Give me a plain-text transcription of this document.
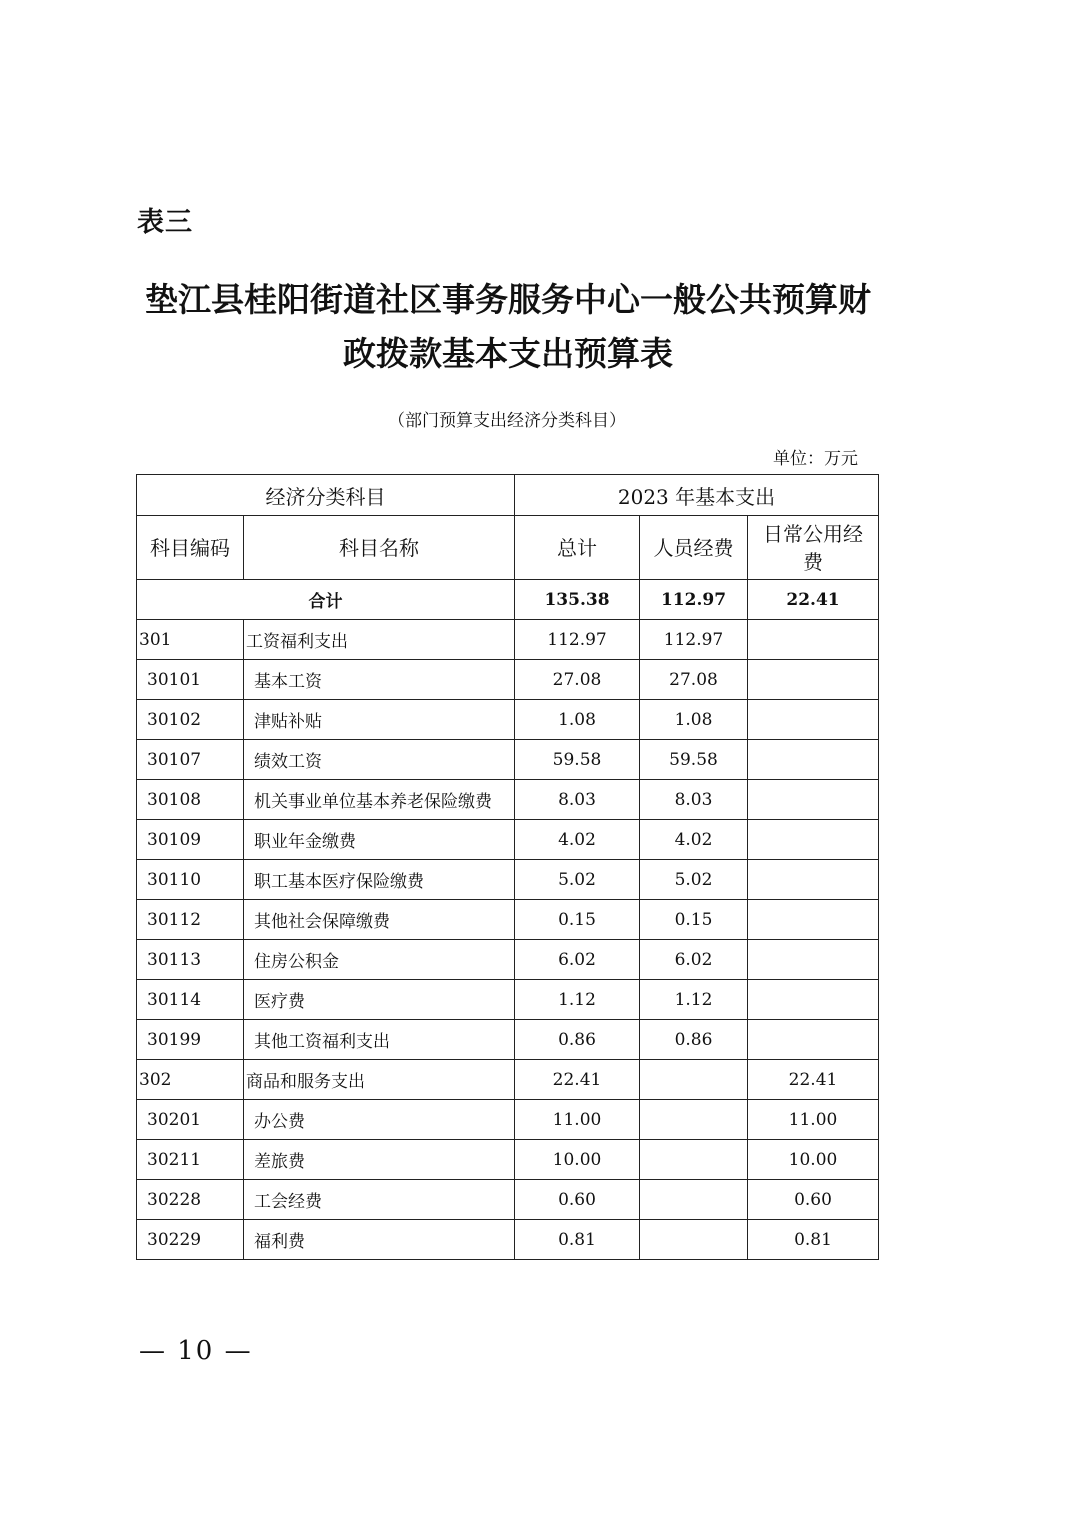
表三
垫江县桂阳街道社区事务服务中心一般公共预算财
政拨款基本支出预算表
（部门预算支出经济分类科目）
单位：万元
经济分类科目		2023 年基本支出		
科目编码	科目名称	总计	人员经费	日常公用经费
合计		135.38	112.97	22.41
301	工资福利支出	112.97	112.97	
30101	基本工资	27.08	27.08	
30102	津贴补贴	1.08	1.08	
30107	绩效工资	59.58	59.58	
30108	机关事业单位基本养老保险缴费	8.03	8.03	
30109	职业年金缴费	4.02	4.02	
30110	职工基本医疗保险缴费	5.02	5.02	
30112	其他社会保障缴费	0.15	0.15	
30113	住房公积金	6.02	6.02	
30114	医疗费	1.12	1.12	
30199	其他工资福利支出	0.86	0.86	
302	商品和服务支出	22.41		22.41
30201	办公费	11.00		11.00
30211	差旅费	10.00		10.00
30228	工会经费	0.60		0.60
30229	福利费	0.81		0.81
— 10 —
